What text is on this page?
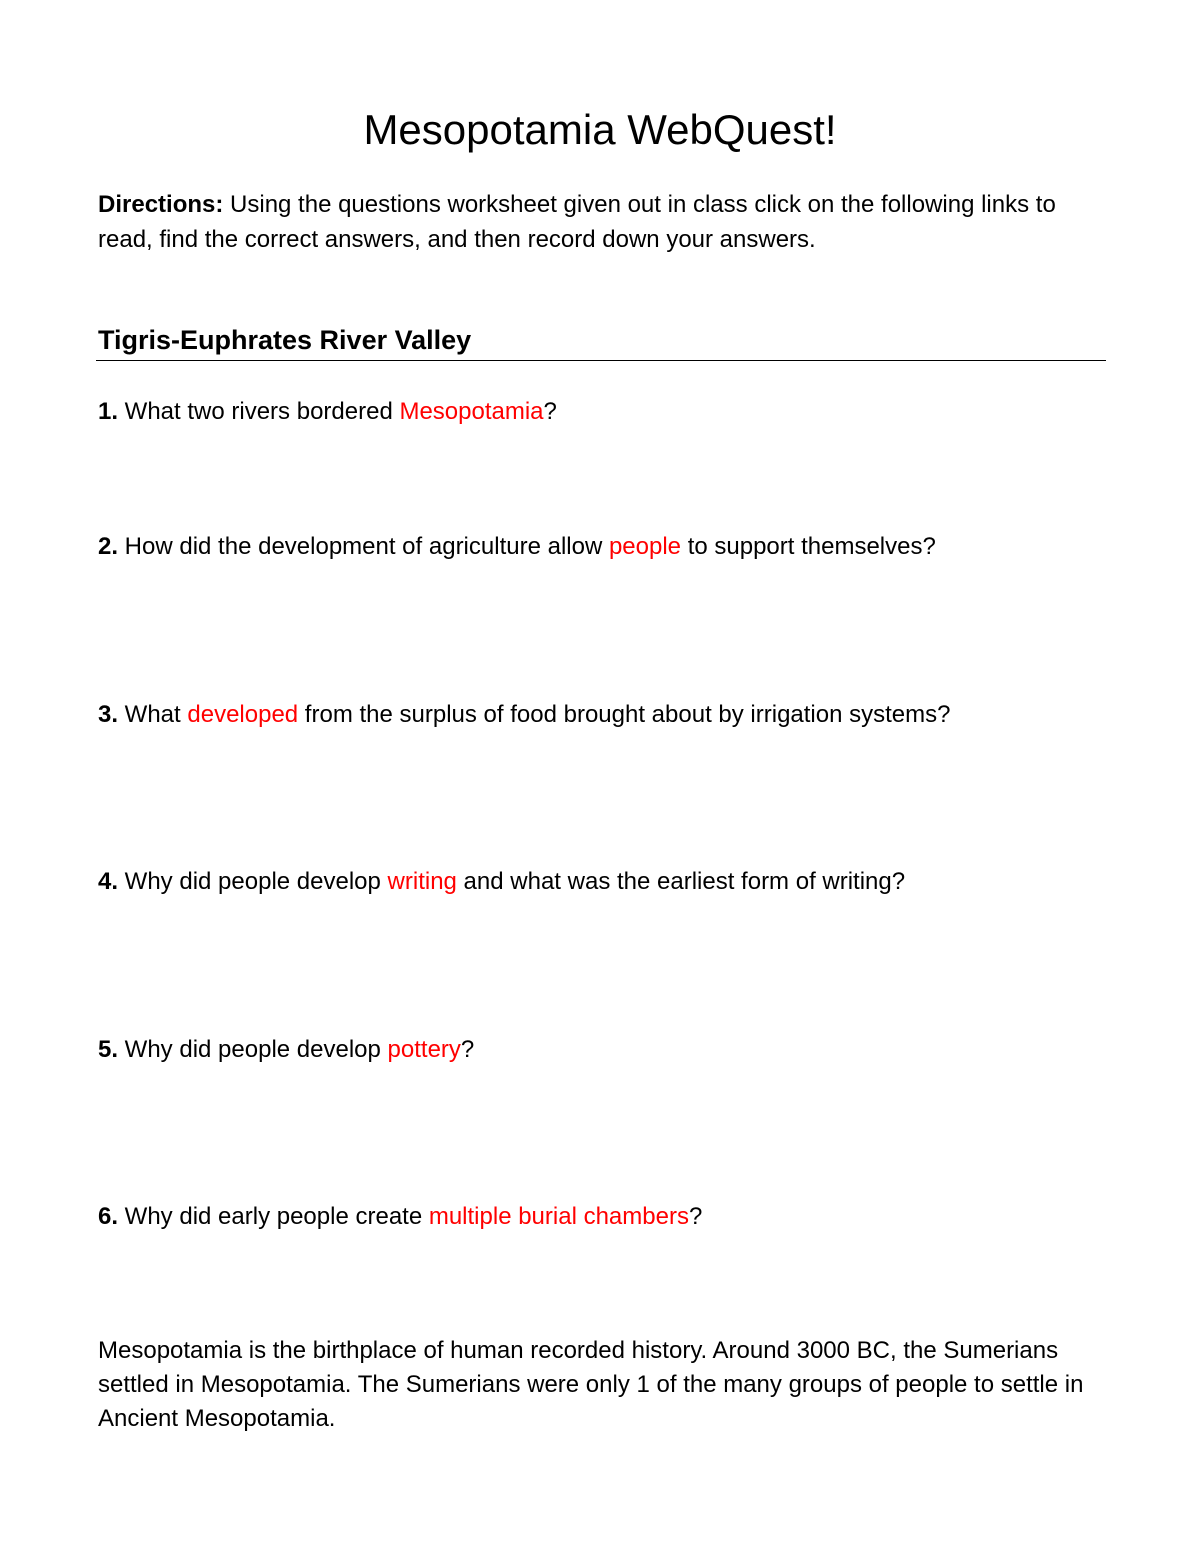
Mesopotamia WebQuest!

Directions: Using the questions worksheet given out in class click on the following links to read, find the correct answers, and then record down your answers.

Tigris-Euphrates River Valley

1. What two rivers bordered Mesopotamia?

2. How did the development of agriculture allow people to support themselves?

3. What developed from the surplus of food brought about by irrigation systems?

4. Why did people develop writing and what was the earliest form of writing?

5. Why did people develop pottery?

6. Why did early people create multiple burial chambers?

Mesopotamia is the birthplace of human recorded history. Around 3000 BC, the Sumerians settled in Mesopotamia. The Sumerians were only 1 of the many groups of people to settle in Ancient Mesopotamia.
